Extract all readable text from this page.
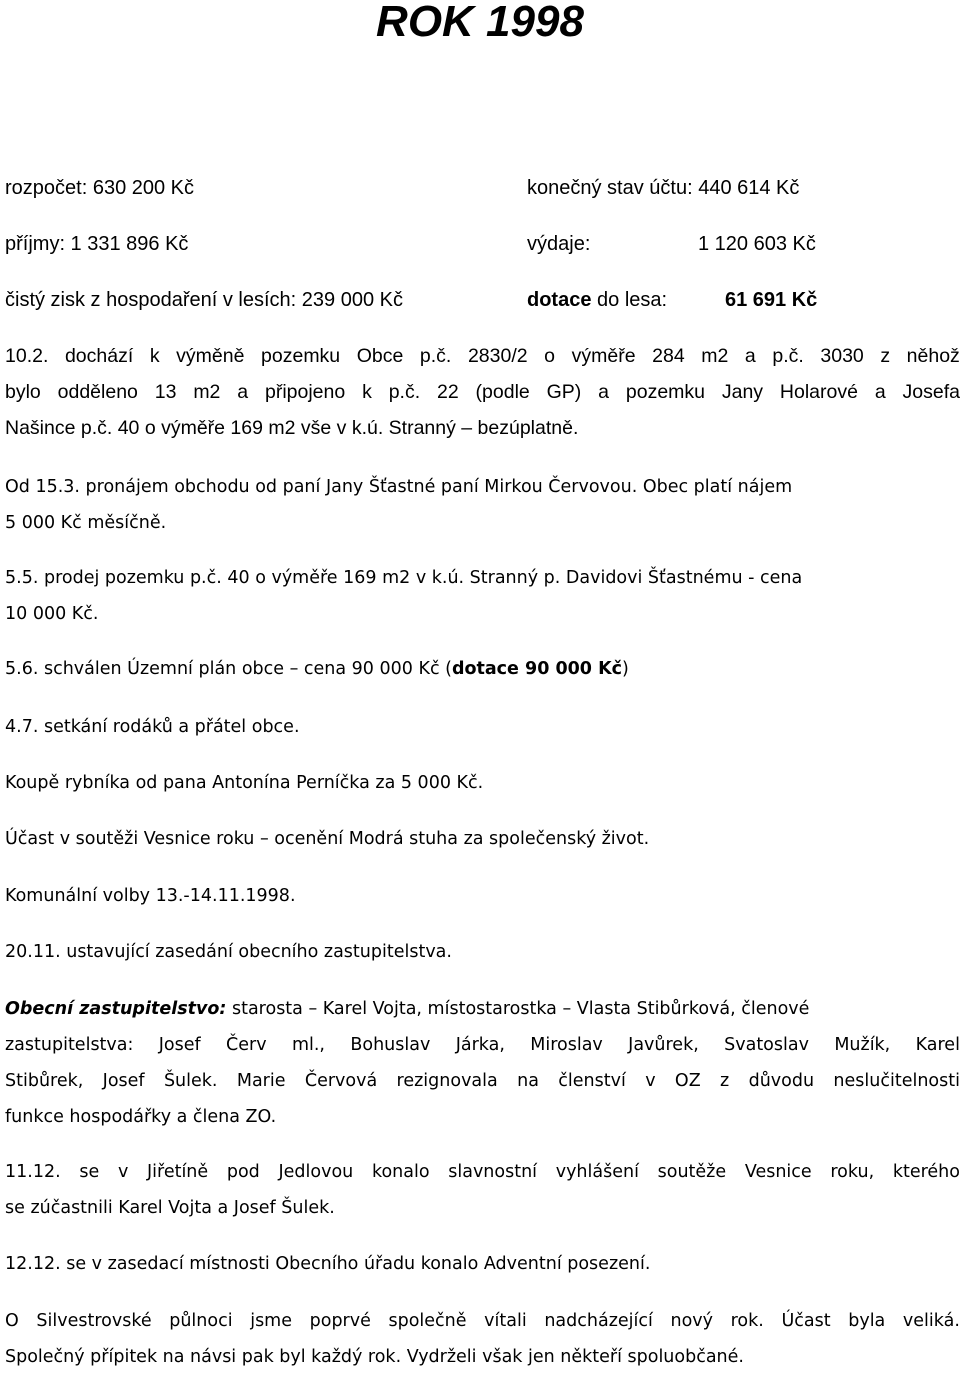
ROK 1998
rozpočet: 630 200 Kč	konečný stav účtu: 440 614 Kč
příjmy: 1 331 896 Kč	výdaje:	1 120 603 Kč
čistý zisk z hospodaření v lesích: 239 000 Kč	dotace do lesa:	61 691 Kč
10.2. dochází k výměně pozemku Obce p.č. 2830/2 o výměře 284 m2 a p.č. 3030 z něhož
bylo odděleno 13 m2 a připojeno k p.č. 22 (podle GP) a pozemku Jany Holarové a Josefa
Našince p.č. 40 o výměře 169 m2 vše v k.ú. Stranný – bezúplatně.
Od 15.3. pronájem obchodu od paní Jany Šťastné paní Mirkou Červovou. Obec platí nájem
5 000 Kč měsíčně.
5.5. prodej pozemku p.č. 40 o výměře 169 m2 v k.ú. Stranný p. Davidovi Šťastnému - cena
10 000 Kč.
5.6. schválen Územní plán obce – cena 90 000 Kč (dotace 90 000 Kč)
4.7. setkání rodáků a přátel obce.
Koupě rybníka od pana Antonína Perníčka za 5 000 Kč.
Účast v soutěži Vesnice roku – ocenění Modrá stuha za společenský život.
Komunální volby 13.-14.11.1998.
20.11. ustavující zasedání obecního zastupitelstva.
Obecní zastupitelstvo: starosta – Karel Vojta, místostarostka – Vlasta Stibůrková, členové
zastupitelstva: Josef Červ ml., Bohuslav Járka, Miroslav Javůrek, Svatoslav Mužík, Karel
Stibůrek, Josef Šulek. Marie Červová rezignovala na členství v OZ z důvodu neslučitelnosti
funkce hospodářky a člena ZO.
11.12. se v Jiřetíně pod Jedlovou konalo slavnostní vyhlášení soutěže Vesnice roku, kterého
se zúčastnili Karel Vojta a Josef Šulek.
12.12. se v zasedací místnosti Obecního úřadu konalo Adventní posezení.
O Silvestrovské půlnoci jsme poprvé společně vítali nadcházející nový rok. Účast byla veliká.
Společný přípitek na návsi pak byl každý rok. Vydrželi však jen někteří spoluobčané.
